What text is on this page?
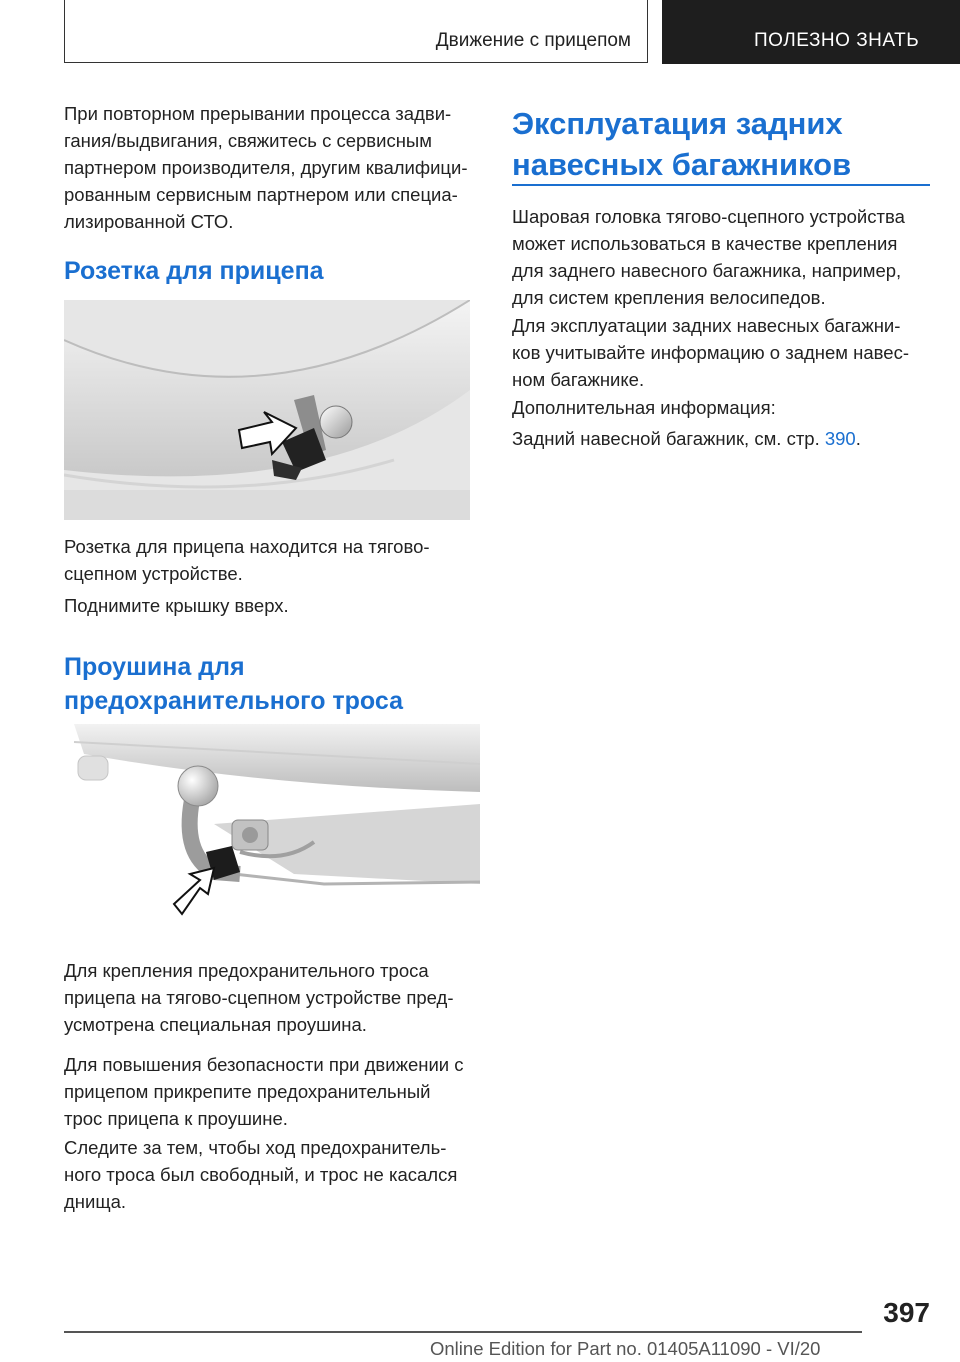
Движение с прицепом	ПОЛЕЗНО ЗНАТЬ

При повторном прерывании процесса задви-

гания/выдвигания, свяжитесь с сервисным

партнером производителя, другим квалифици-

рованным сервисным партнером или специа-

лизированной СТО.

Розетка для прицепа

Розетка для прицепа находится на тягово-

сцепном устройстве.

Поднимите крышку вверх.

Проушина для
предохранительного троса

Для крепления предохранительного троса

прицепа на тягово-сцепном устройстве пред-

усмотрена специальная проушина.

Для повышения безопасности при движении с

прицепом прикрепите предохранительный

трос прицепа к проушине.

Следите за тем, чтобы ход предохранитель-

ного троса был свободный, и трос не касался

днища.

Эксплуатация задних
навесных багажников

Шаровая головка тягово-сцепного устройства

может использоваться в качестве крепления

для заднего навесного багажника, например,

для систем крепления велосипедов.

Для эксплуатации задних навесных багажни-

ков учитывайте информацию о заднем навес-

ном багажнике.

Дополнительная информация:

Задний навесной багажник, см. стр. 390.

397
Online Edition for Part no. 01405A11090 - VI/20
